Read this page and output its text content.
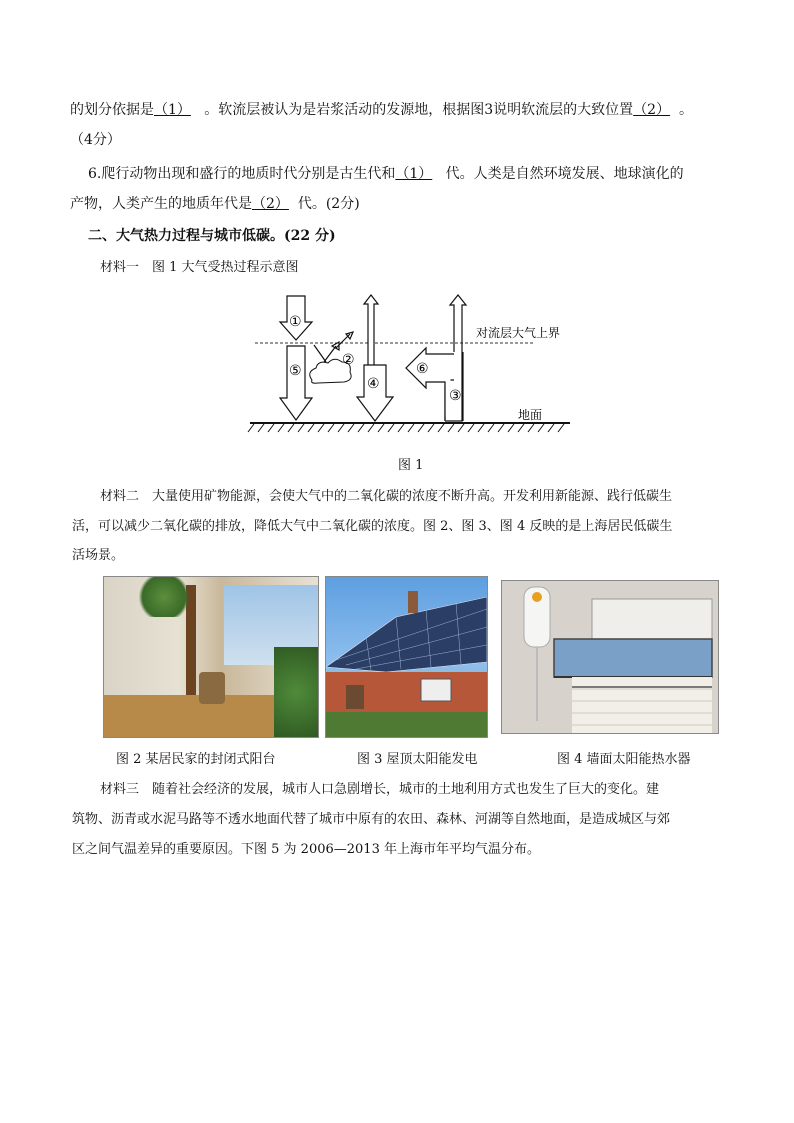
的划分依据是（1） 。软流层被认为是岩浆活动的发源地，根据图3说明软流层的大致位置（2） 。
（4分）
6.爬行动物出现和盛行的地质时代分别是古生代和（1） 代。人类是自然环境发展、地球演化的
产物，人类产生的地质年代是（2） 代。(2分)
二、大气热力过程与城市低碳。(22 分)
材料一　图 1 大气受热过程示意图
①
⑤
②
④
③
⑥
对流层大气上界
地面
图 1
材料二　大量使用矿物能源，会使大气中的二氧化碳的浓度不断升高。开发利用新能源、践行低碳生
活，可以减少二氧化碳的排放，降低大气中二氧化碳的浓度。图 2、图 3、图 4 反映的是上海居民低碳生
活场景。
图 2 某居民家的封闭式阳台	图 3 屋顶太阳能发电	图 4 墙面太阳能热水器
材料三　随着社会经济的发展，城市人口急剧增长，城市的土地利用方式也发生了巨大的变化。建
筑物、沥青或水泥马路等不透水地面代替了城市中原有的农田、森林、河湖等自然地面，是造成城区与郊
区之间气温差异的重要原因。下图 5 为 2006—2013 年上海市年平均气温分布。
